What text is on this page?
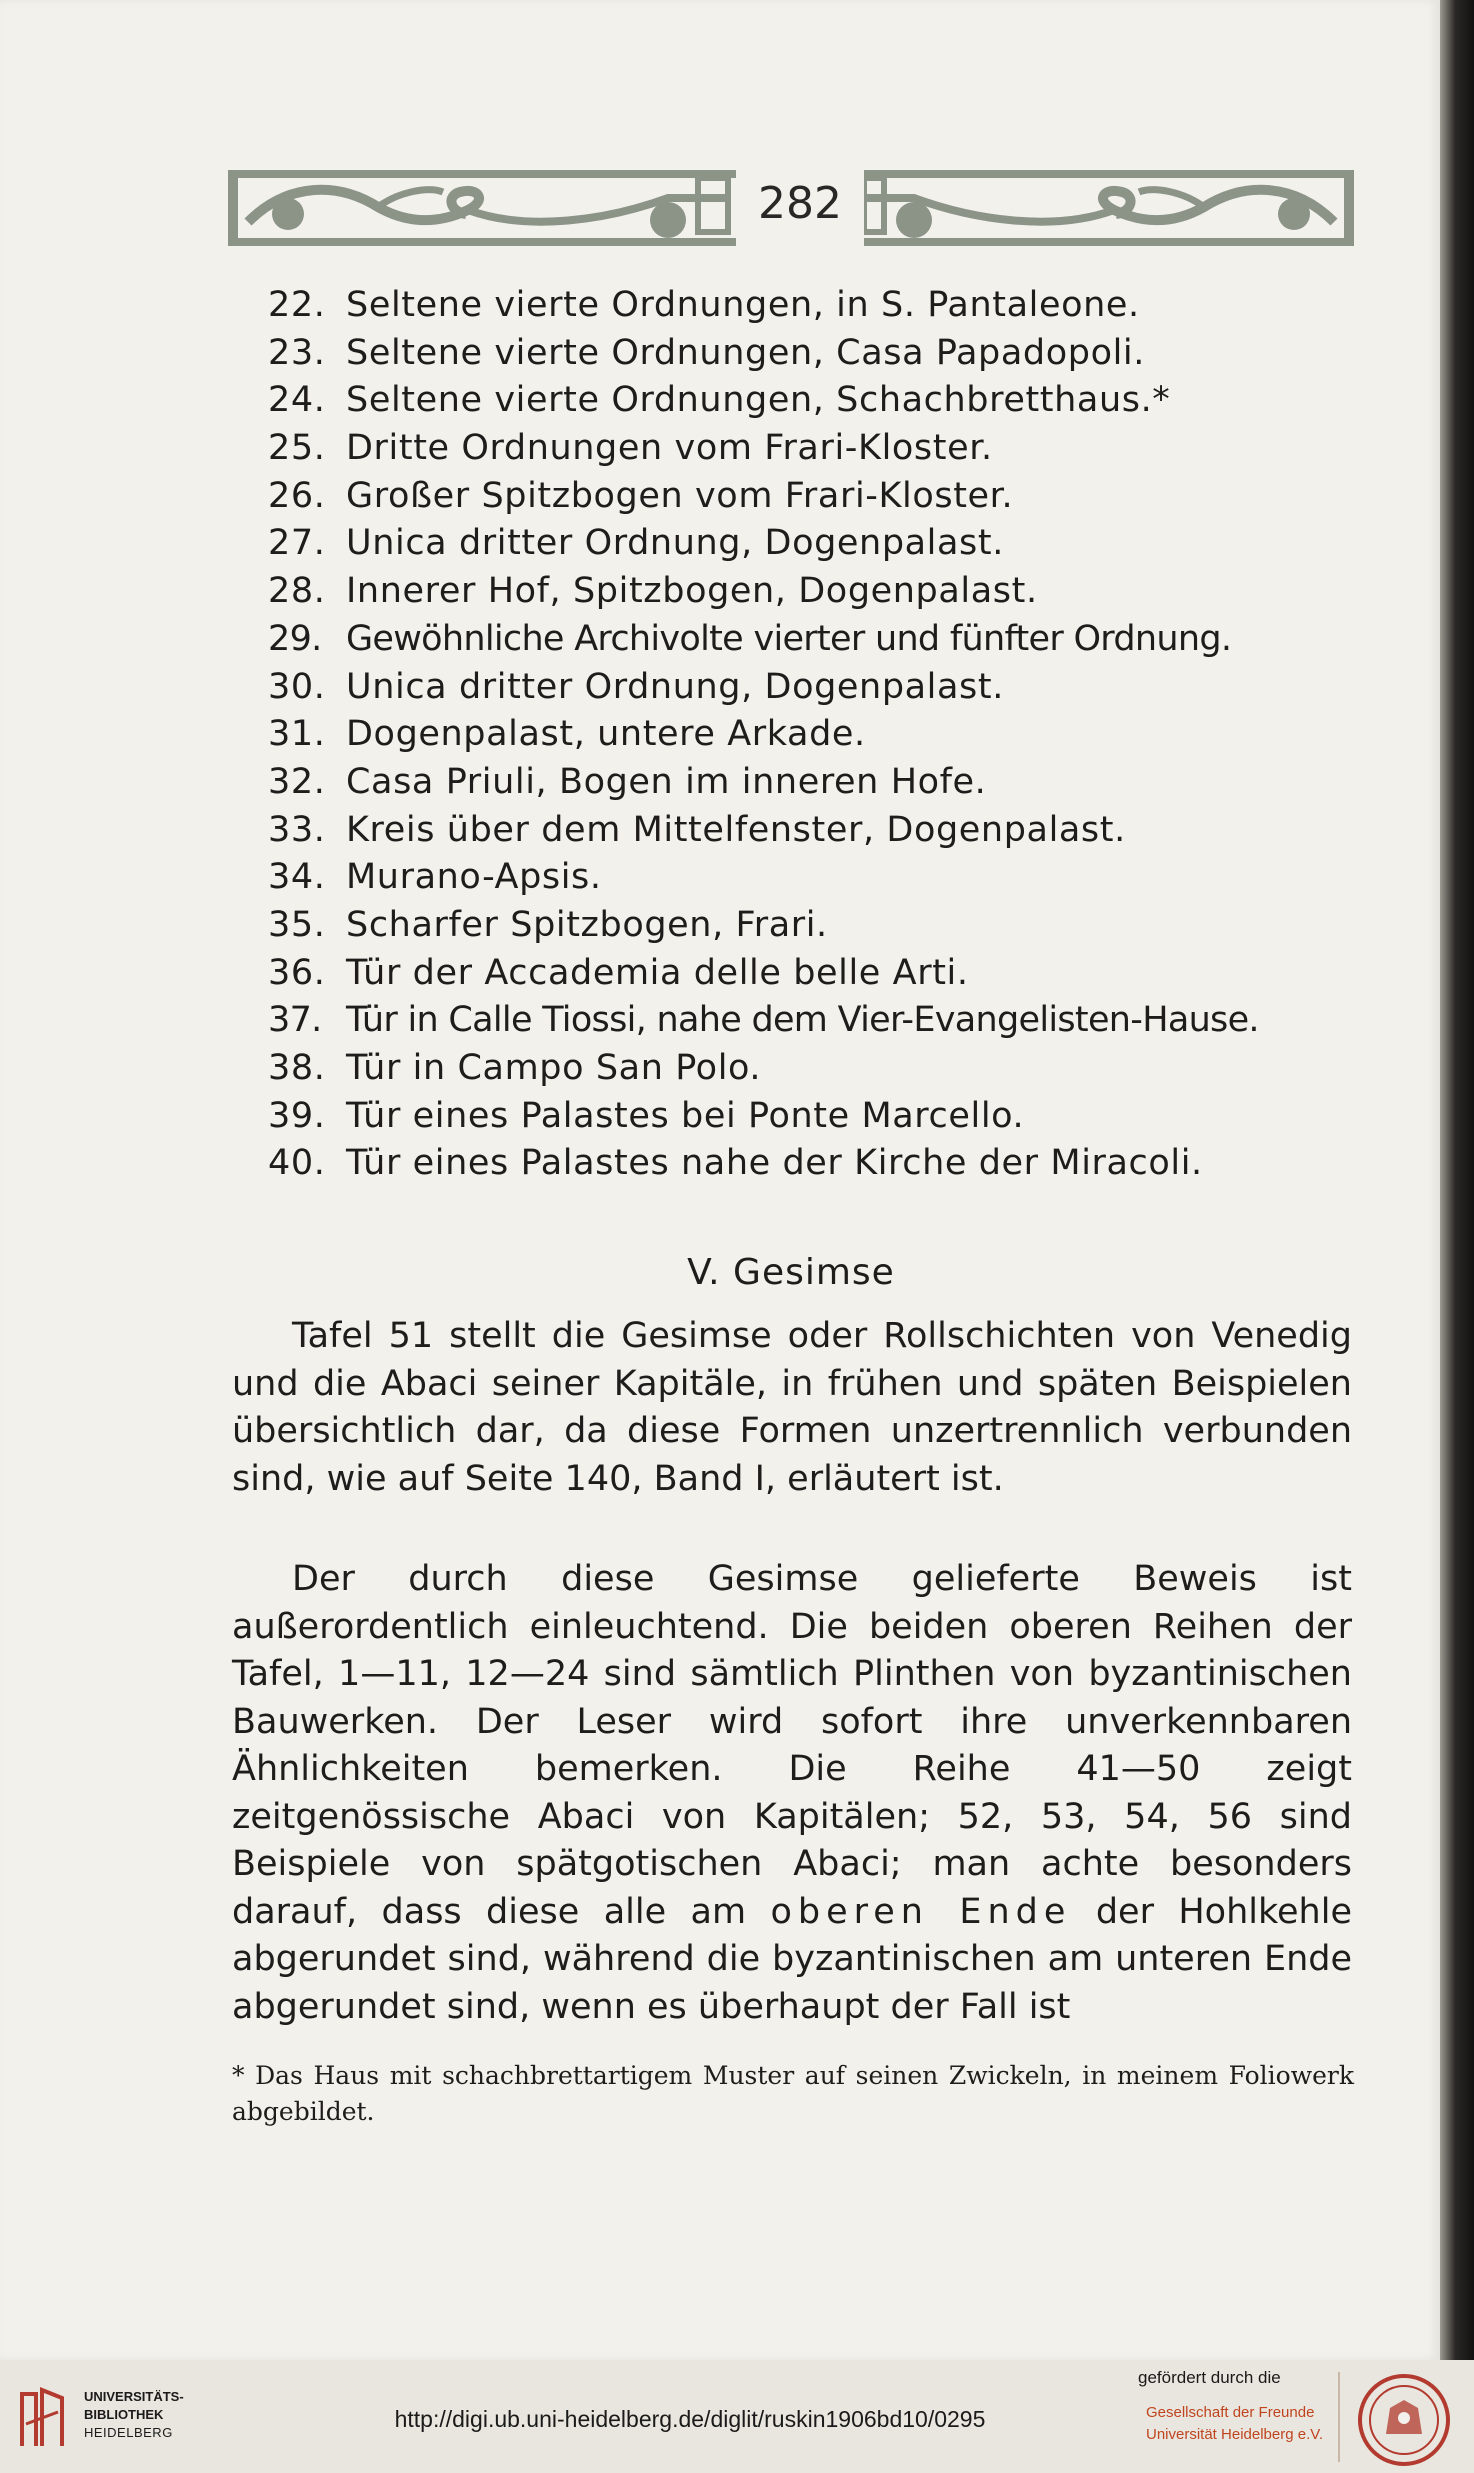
282
22. Seltene vierte Ordnungen, in S. Pantaleone.
23. Seltene vierte Ordnungen, Casa Papadopoli.
24. Seltene vierte Ordnungen, Schachbretthaus.*
25. Dritte Ordnungen vom Frari-Kloster.
26. Großer Spitzbogen vom Frari-Kloster.
27. Unica dritter Ordnung, Dogenpalast.
28. Innerer Hof, Spitzbogen, Dogenpalast.
29. Gewöhnliche Archivolte vierter und fünfter Ordnung.
30. Unica dritter Ordnung, Dogenpalast.
31. Dogenpalast, untere Arkade.
32. Casa Priuli, Bogen im inneren Hofe.
33. Kreis über dem Mittelfenster, Dogenpalast.
34. Murano-Apsis.
35. Scharfer Spitzbogen, Frari.
36. Tür der Accademia delle belle Arti.
37. Tür in Calle Tiossi, nahe dem Vier-Evangelisten-Hause.
38. Tür in Campo San Polo.
39. Tür eines Palastes bei Ponte Marcello.
40. Tür eines Palastes nahe der Kirche der Miracoli.
V. Gesimse

Tafel 51 stellt die Gesimse oder Rollschichten von Venedig und die Abaci seiner Kapitäle, in frühen und späten Beispielen übersichtlich dar, da diese Formen unzertrennlich verbunden sind, wie auf Seite 140, Band I, erläutert ist.

Der durch diese Gesimse gelieferte Beweis ist außerordentlich einleuchtend. Die beiden oberen Reihen der Tafel, 1—11, 12—24 sind sämtlich Plinthen von byzantinischen Bauwerken. Der Leser wird sofort ihre unverkennbaren Ähnlichkeiten bemerken. Die Reihe 41—50 zeigt zeitgenössische Abaci von Kapitälen; 52, 53, 54, 56 sind Beispiele von spätgotischen Abaci; man achte besonders darauf, dass diese alle am oberen Ende der Hohlkehle abgerundet sind, während die byzantinischen am unteren Ende abgerundet sind, wenn es überhaupt der Fall ist

* Das Haus mit schachbrettartigem Muster auf seinen Zwickeln, in meinem Foliowerk abgebildet.

UNIVERSITÄTS-
BIBLIOTHEK
HEIDELBERG
http://digi.ub.uni-heidelberg.de/diglit/ruskin1906bd10/0295
gefördert durch die
Gesellschaft der Freunde
Universität Heidelberg e.V.
